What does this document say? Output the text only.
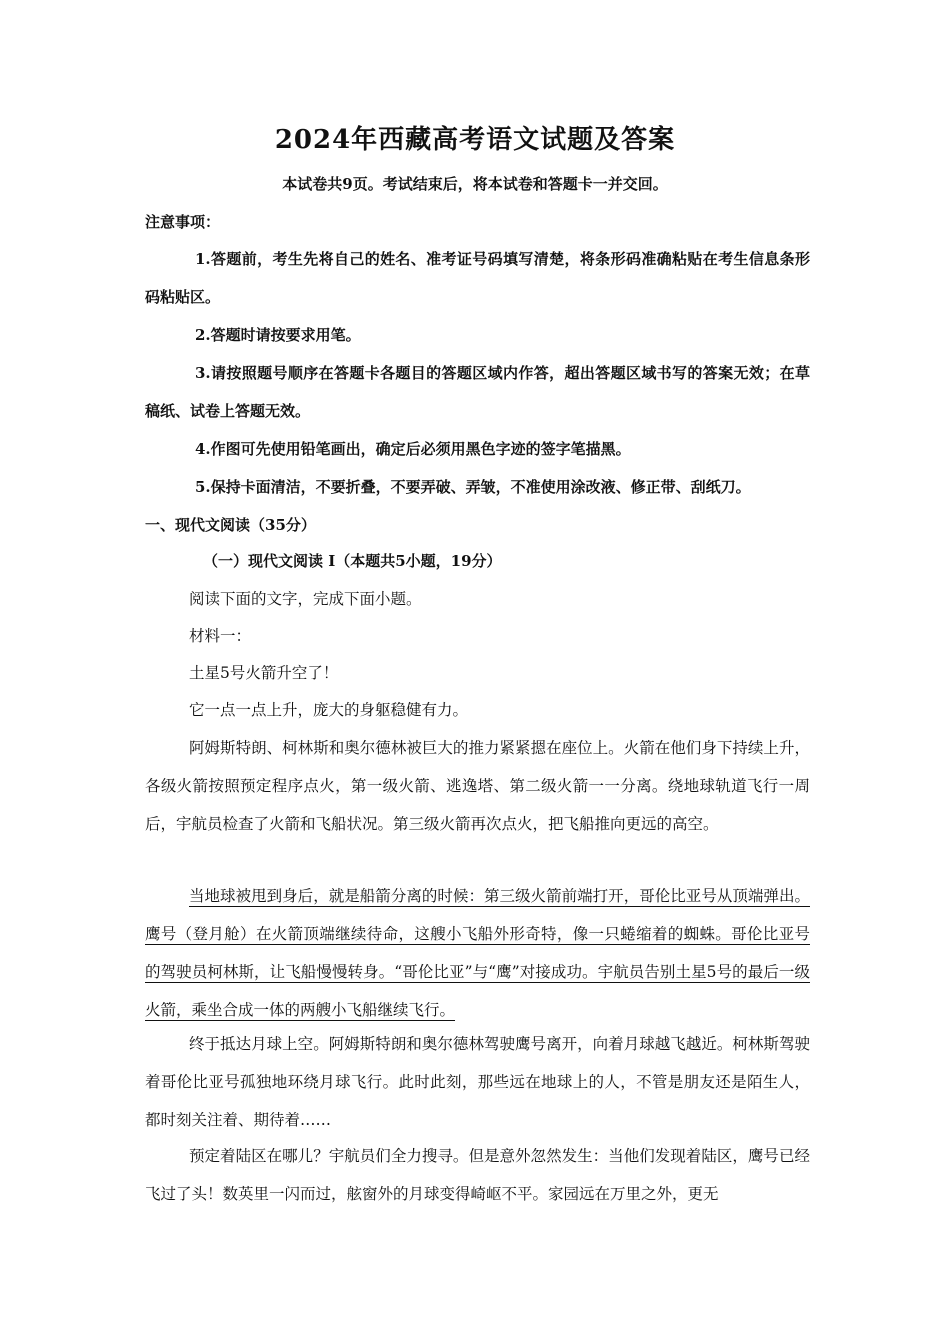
2024年西藏高考语文试题及答案
本试卷共9页。考试结束后，将本试卷和答题卡一并交回。
注意事项：
1.答题前，考生先将自己的姓名、准考证号码填写清楚，将条形码准确粘贴在考生信息条形码粘贴区。
2.答题时请按要求用笔。
3.请按照题号顺序在答题卡各题目的答题区域内作答，超出答题区域书写的答案无效；在草稿纸、试卷上答题无效。
4.作图可先使用铅笔画出，确定后必须用黑色字迹的签字笔描黑。
5.保持卡面清洁，不要折叠，不要弄破、弄皱，不准使用涂改液、修正带、刮纸刀。
一、现代文阅读（35分）
（一）现代文阅读 I（本题共5小题，19分）
阅读下面的文字，完成下面小题。
材料一：
土星5号火箭升空了！
它一点一点上升，庞大的身躯稳健有力。
阿姆斯特朗、柯林斯和奥尔德林被巨大的推力紧紧摁在座位上。火箭在他们身下持续上升，各级火箭按照预定程序点火，第一级火箭、逃逸塔、第二级火箭一一分离。绕地球轨道飞行一周后，宇航员检查了火箭和飞船状况。第三级火箭再次点火，把飞船推向更远的高空。
当地球被甩到身后，就是船箭分离的时候：第三级火箭前端打开，哥伦比亚号从顶端弹出。鹰号（登月舱）在火箭顶端继续待命，这艘小飞船外形奇特，像一只蜷缩着的蜘蛛。哥伦比亚号的驾驶员柯林斯，让飞船慢慢转身。“哥伦比亚”与“鹰”对接成功。宇航员告别土星5号的最后一级火箭，乘坐合成一体的两艘小飞船继续飞行。
终于抵达月球上空。阿姆斯特朗和奥尔德林驾驶鹰号离开，向着月球越飞越近。柯林斯驾驶着哥伦比亚号孤独地环绕月球飞行。此时此刻，那些远在地球上的人，不管是朋友还是陌生人，都时刻关注着、期待着……
预定着陆区在哪儿？宇航员们全力搜寻。但是意外忽然发生：当他们发现着陆区，鹰号已经飞过了头！数英里一闪而过，舷窗外的月球变得崎岖不平。家园远在万里之外，更无
